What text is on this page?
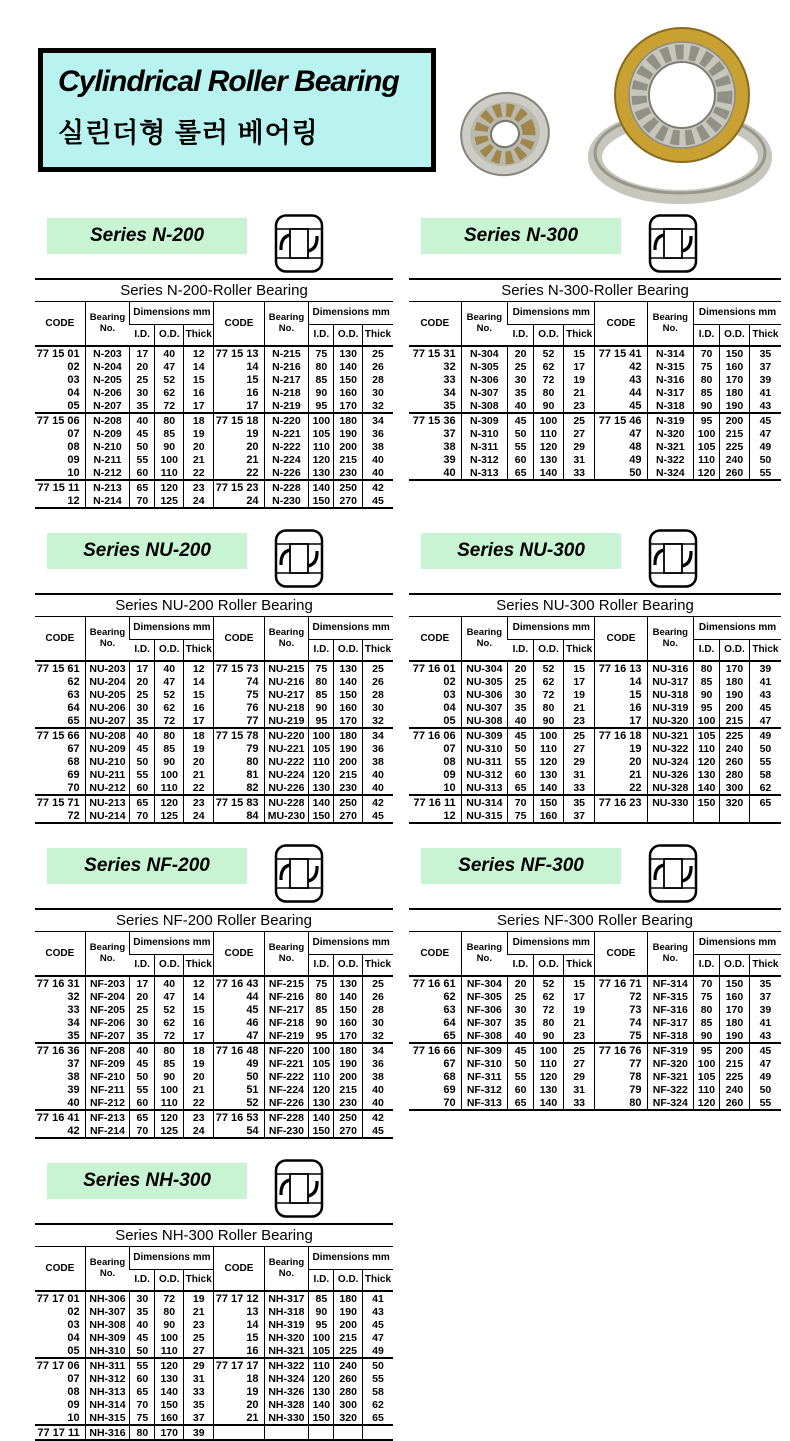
Cylindrical Roller Bearing
실린더형 롤러 베어링
Series N-200
Series N-200-Roller Bearing
CODE	Bearing No.	Dimensions mm			CODE	Bearing No.	Dimensions mm		
		I.D.	O.D.	Thick			I.D.	O.D.	Thick
77 15 01	N-203	17	40	12	77 15 13	N-215	75	130	25
02	N-204	20	47	14	14	N-216	80	140	26
03	N-205	25	52	15	15	N-217	85	150	28
04	N-206	30	62	16	16	N-218	90	160	30
05	N-207	35	72	17	17	N-219	95	170	32
77 15 06	N-208	40	80	18	77 15 18	N-220	100	180	34
07	N-209	45	85	19	19	N-221	105	190	36
08	N-210	50	90	20	20	N-222	110	200	38
09	N-211	55	100	21	21	N-224	120	215	40
10	N-212	60	110	22	22	N-226	130	230	40
77 15 11	N-213	65	120	23	77 15 23	N-228	140	250	42
12	N-214	70	125	24	24	N-230	150	270	45
Series N-300
Series N-300-Roller Bearing
CODE	Bearing No.	Dimensions mm			CODE	Bearing No.	Dimensions mm		
		I.D.	O.D.	Thick			I.D.	O.D.	Thick
77 15 31	N-304	20	52	15	77 15 41	N-314	70	150	35
32	N-305	25	62	17	42	N-315	75	160	37
33	N-306	30	72	19	43	N-316	80	170	39
34	N-307	35	80	21	44	N-317	85	180	41
35	N-308	40	90	23	45	N-318	90	190	43
77 15 36	N-309	45	100	25	77 15 46	N-319	95	200	45
37	N-310	50	110	27	47	N-320	100	215	47
38	N-311	55	120	29	48	N-321	105	225	49
39	N-312	60	130	31	49	N-322	110	240	50
40	N-313	65	140	33	50	N-324	120	260	55
Series NU-200
Series NU-200 Roller Bearing
CODE	Bearing No.	Dimensions mm			CODE	Bearing No.	Dimensions mm		
		I.D.	O.D.	Thick			I.D.	O.D.	Thick
77 15 61	NU-203	17	40	12	77 15 73	NU-215	75	130	25
62	NU-204	20	47	14	74	NU-216	80	140	26
63	NU-205	25	52	15	75	NU-217	85	150	28
64	NU-206	30	62	16	76	NU-218	90	160	30
65	NU-207	35	72	17	77	NU-219	95	170	32
77 15 66	NU-208	40	80	18	77 15 78	NU-220	100	180	34
67	NU-209	45	85	19	79	NU-221	105	190	36
68	NU-210	50	90	20	80	NU-222	110	200	38
69	NU-211	55	100	21	81	NU-224	120	215	40
70	NU-212	60	110	22	82	NU-226	130	230	40
77 15 71	NU-213	65	120	23	77 15 83	NU-228	140	250	42
72	NU-214	70	125	24	84	MU-230	150	270	45
Series NU-300
Series NU-300 Roller Bearing
CODE	Bearing No.	Dimensions mm			CODE	Bearing No.	Dimensions mm		
		I.D.	O.D.	Thick			I.D.	O.D.	Thick
77 16 01	NU-304	20	52	15	77 16 13	NU-316	80	170	39
02	NU-305	25	62	17	14	NU-317	85	180	41
03	NU-306	30	72	19	15	NU-318	90	190	43
04	NU-307	35	80	21	16	NU-319	95	200	45
05	NU-308	40	90	23	17	NU-320	100	215	47
77 16 06	NU-309	45	100	25	77 16 18	NU-321	105	225	49
07	NU-310	50	110	27	19	NU-322	110	240	50
08	NU-311	55	120	29	20	NU-324	120	260	55
09	NU-312	60	130	31	21	NU-326	130	280	58
10	NU-313	65	140	33	22	NU-328	140	300	62
77 16 11	NU-314	70	150	35	77 16 23	NU-330	150	320	65
12	NU-315	75	160	37					
Series NF-200
Series NF-200 Roller Bearing
CODE	Bearing No.	Dimensions mm			CODE	Bearing No.	Dimensions mm		
		I.D.	O.D.	Thick			I.D.	O.D.	Thick
77 16 31	NF-203	17	40	12	77 16 43	NF-215	75	130	25
32	NF-204	20	47	14	44	NF-216	80	140	26
33	NF-205	25	52	15	45	NF-217	85	150	28
34	NF-206	30	62	16	46	NF-218	90	160	30
35	NF-207	35	72	17	47	NF-219	95	170	32
77 16 36	NF-208	40	80	18	77 16 48	NF-220	100	180	34
37	NF-209	45	85	19	49	NF-221	105	190	36
38	NF-210	50	90	20	50	NF-222	110	200	38
39	NF-211	55	100	21	51	NF-224	120	215	40
40	NF-212	60	110	22	52	NF-226	130	230	40
77 16 41	NF-213	65	120	23	77 16 53	NF-228	140	250	42
42	NF-214	70	125	24	54	NF-230	150	270	45
Series NF-300
Series NF-300 Roller Bearing
CODE	Bearing No.	Dimensions mm			CODE	Bearing No.	Dimensions mm		
		I.D.	O.D.	Thick			I.D.	O.D.	Thick
77 16 61	NF-304	20	52	15	77 16 71	NF-314	70	150	35
62	NF-305	25	62	17	72	NF-315	75	160	37
63	NF-306	30	72	19	73	NF-316	80	170	39
64	NF-307	35	80	21	74	NF-317	85	180	41
65	NF-308	40	90	23	75	NF-318	90	190	43
77 16 66	NF-309	45	100	25	77 16 76	NF-319	95	200	45
67	NF-310	50	110	27	77	NF-320	100	215	47
68	NF-311	55	120	29	78	NF-321	105	225	49
69	NF-312	60	130	31	79	NF-322	110	240	50
70	NF-313	65	140	33	80	NF-324	120	260	55
Series NH-300
Series NH-300 Roller Bearing
CODE	Bearing No.	Dimensions mm			CODE	Bearing No.	Dimensions mm		
		I.D.	O.D.	Thick			I.D.	O.D.	Thick
77 17 01	NH-306	30	72	19	77 17 12	NH-317	85	180	41
02	NH-307	35	80	21	13	NH-318	90	190	43
03	NH-308	40	90	23	14	NH-319	95	200	45
04	NH-309	45	100	25	15	NH-320	100	215	47
05	NH-310	50	110	27	16	NH-321	105	225	49
77 17 06	NH-311	55	120	29	77 17 17	NH-322	110	240	50
07	NH-312	60	130	31	18	NH-324	120	260	55
08	NH-313	65	140	33	19	NH-326	130	280	58
09	NH-314	70	150	35	20	NH-328	140	300	62
10	NH-315	75	160	37	21	NH-330	150	320	65
77 17 11	NH-316	80	170	39					
